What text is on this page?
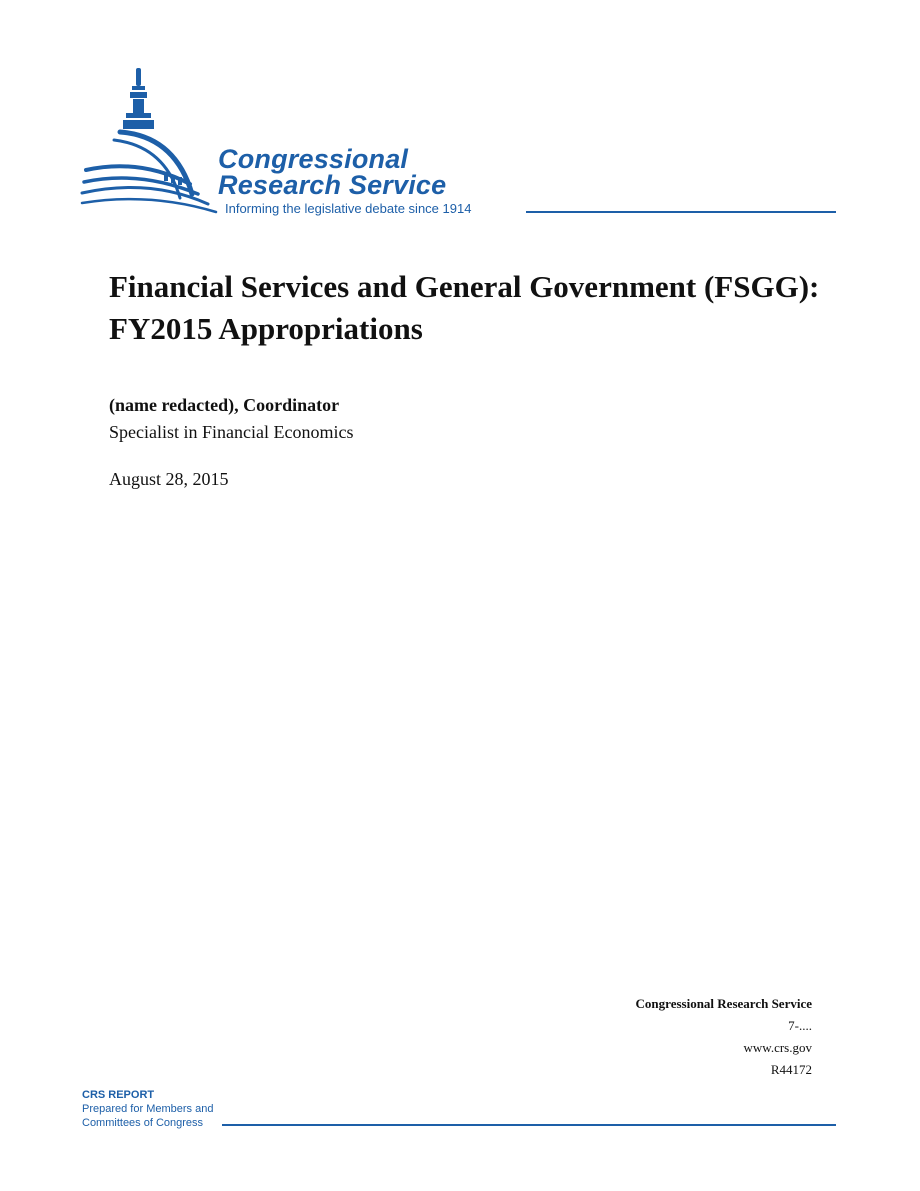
Congressional
Research Service
Informing the legislative debate since 1914
Financial Services and General Government (FSGG): FY2015 Appropriations
(name redacted), Coordinator
Specialist in Financial Economics
August 28, 2015
Congressional Research Service
7-....
www.crs.gov
R44172
CRS REPORT
Prepared for Members and
Committees of Congress
